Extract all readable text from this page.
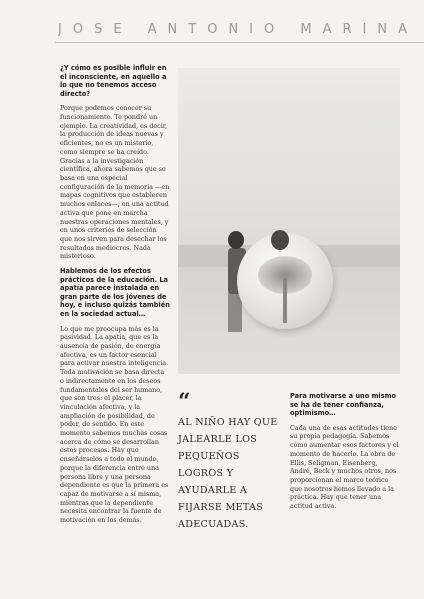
JOSÉ ANTONIO MARINA

¿Y cómo es posible influir en el inconsciente, en aquello a lo que no tenemos acceso directo?

Porque podemos conocer su funcionamiento. Te pondré un ejemplo. La creatividad, es decir, la producción de ideas nuevas y eficientes, no es un misterio, como siempre se ha creído. Gracias a la investigación científica, ahora sabemos que se basa en una especial configuración de la memoria —en mapas cognitivos que establecen muchos enlaces—, en una actitud activa que pone en marcha nuestras operaciones mentales, y en unos criterios de selección que nos sirven para desechar los resultados mediocres. Nada misterioso.

Hablemos de los efectos prácticos de la educación. La apatía parece instalada en gran parte de los jóvenes de hoy, e incluso quizás también en la sociedad actual…

Lo que me preocupa más es la pasividad. La apatía, que es la ausencia de pasión, de energía afectiva, es un factor esencial para activar nuestra inteligencia. Toda motivación se basa directa o indirectamente en los deseos fundamentales del ser humano, que son tres: el placer, la vinculación afectiva, y la ampliación de posibilidad, de poder, de sentido. En este momento sabemos muchas cosas acerca de cómo se desarrollan estos procesos. Hay que enseñárselos a todo el mundo, porque la diferencia entre una persona libre y una persona dependiente es que la primera es capaz de motivarse a sí misma, mientras que la dependiente necesita encontrar la fuente de motivación en los demás.

“

AL NIÑO HAY QUE JALEARLE LOS PEQUEÑOS LOGROS Y AYUDARLE A FIJARSE METAS ADECUADAS.

Para motivarse a uno mismo se ha de tener confianza, optimismo…

Cada una de esas actitudes tiene su propia pedagogía. Sabemos cómo aumentar esos factores y el momento de hacerlo. La obra de Ellis, Seligman, Eisenberg, André, Beck y muchos otros, nos proporcionan el marco teórico que nosotros hemos llevado a la práctica. Hay que tener una actitud activa.
